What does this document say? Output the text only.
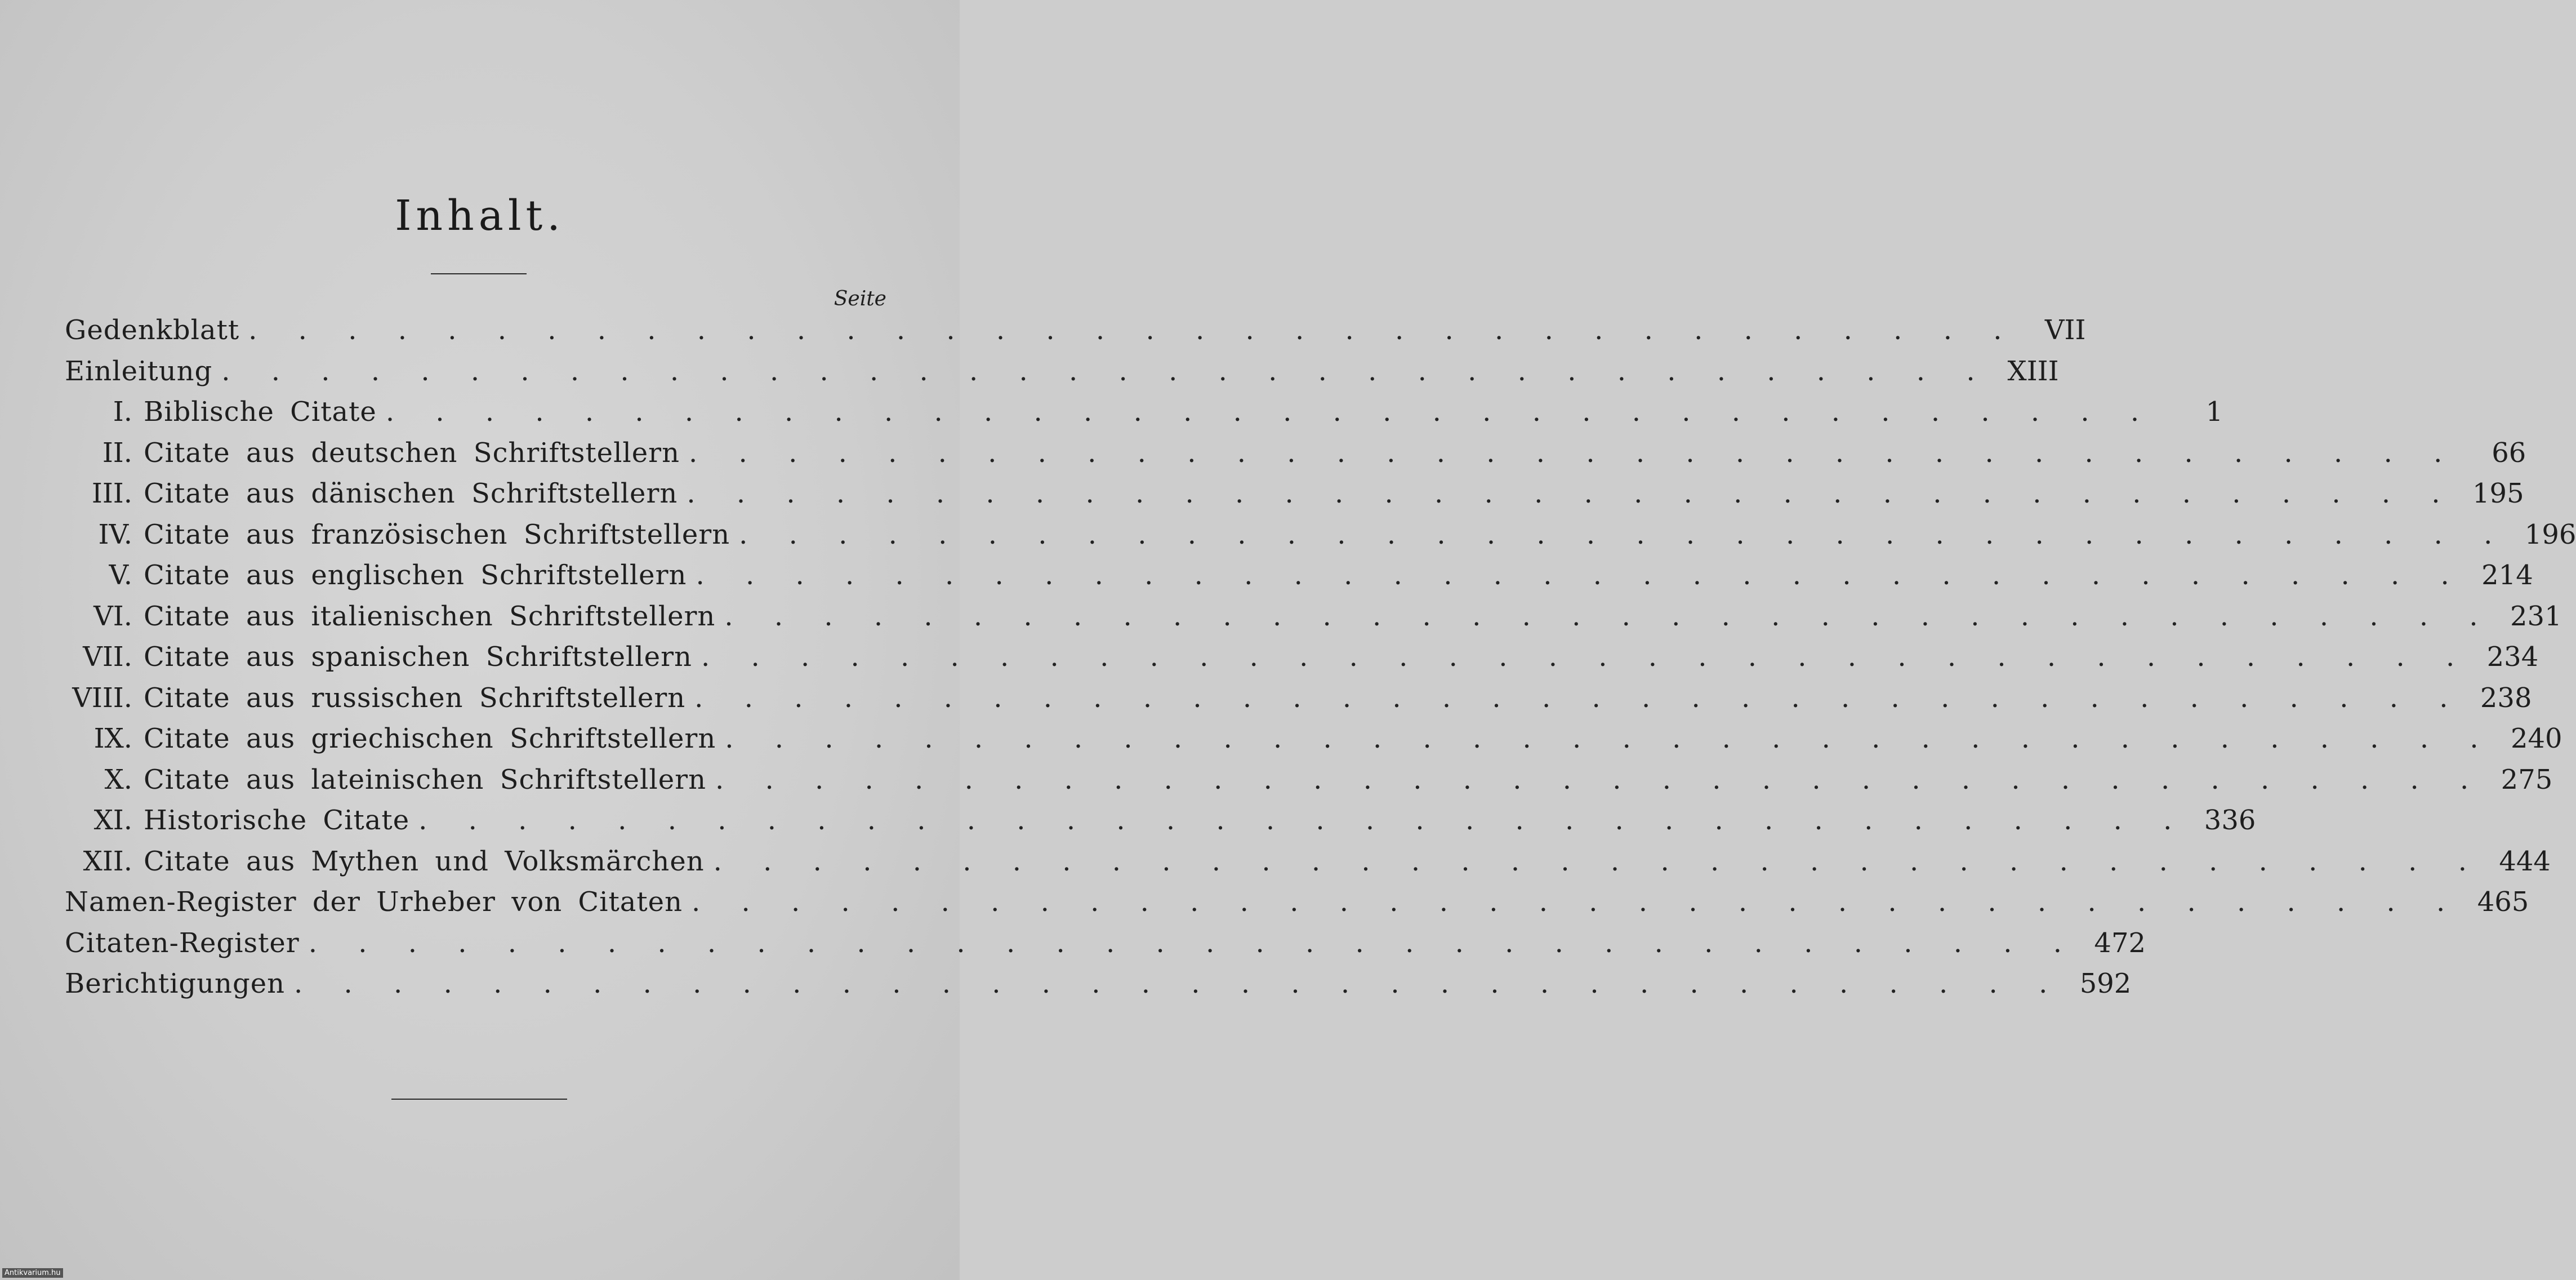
Inhalt.
Seite
Gedenkblatt . . . . . . . . . . . . . . . . . . . . . . . . . . . . . . . . . . . . VII
Einleitung . . . . . . . . . . . . . . . . . . . . . . . . . . . . . . . . . . . . XIII
I. Biblische Citate . . . . . . . . . . . . . . . . . . . . . . . . . . . . . . . . . . . .	1
II. Citate aus deutschen Schriftstellern . . . . . . . . . . . . . . . . . . . . . . . . . . . . . . . . . . . .	66
III. Citate aus dänischen Schriftstellern . . . . . . . . . . . . . . . . . . . . . . . . . . . . . . . . . . . . 195
IV. Citate aus französischen Schriftstellern . . . . . . . . . . . . . . . . . . . . . . . . . . . . . . . . . . . . 196
V. Citate aus englischen Schriftstellern . . . . . . . . . . . . . . . . . . . . . . . . . . . . . . . . . . . . 214
VI. Citate aus italienischen Schriftstellern . . . . . . . . . . . . . . . . . . . . . . . . . . . . . . . . . . . . 231
VII. Citate aus spanischen Schriftstellern . . . . . . . . . . . . . . . . . . . . . . . . . . . . . . . . . . . . 234
VIII. Citate aus russischen Schriftstellern . . . . . . . . . . . . . . . . . . . . . . . . . . . . . . . . . . . . 238
IX. Citate aus griechischen Schriftstellern . . . . . . . . . . . . . . . . . . . . . . . . . . . . . . . . . . . . 240
X. Citate aus lateinischen Schriftstellern . . . . . . . . . . . . . . . . . . . . . . . . . . . . . . . . . . . . 275
XI. Historische Citate . . . . . . . . . . . . . . . . . . . . . . . . . . . . . . . . . . . . 336
XII. Citate aus Mythen und Volksmärchen . . . . . . . . . . . . . . . . . . . . . . . . . . . . . . . . . . . . 444
Namen-Register der Urheber von Citaten . . . . . . . . . . . . . . . . . . . . . . . . . . . . . . . . . . . . 465
Citaten-Register . . . . . . . . . . . . . . . . . . . . . . . . . . . . . . . . . . . . 472
Berichtigungen . . . . . . . . . . . . . . . . . . . . . . . . . . . . . . . . . . . . 592
Antikvarium.hu
